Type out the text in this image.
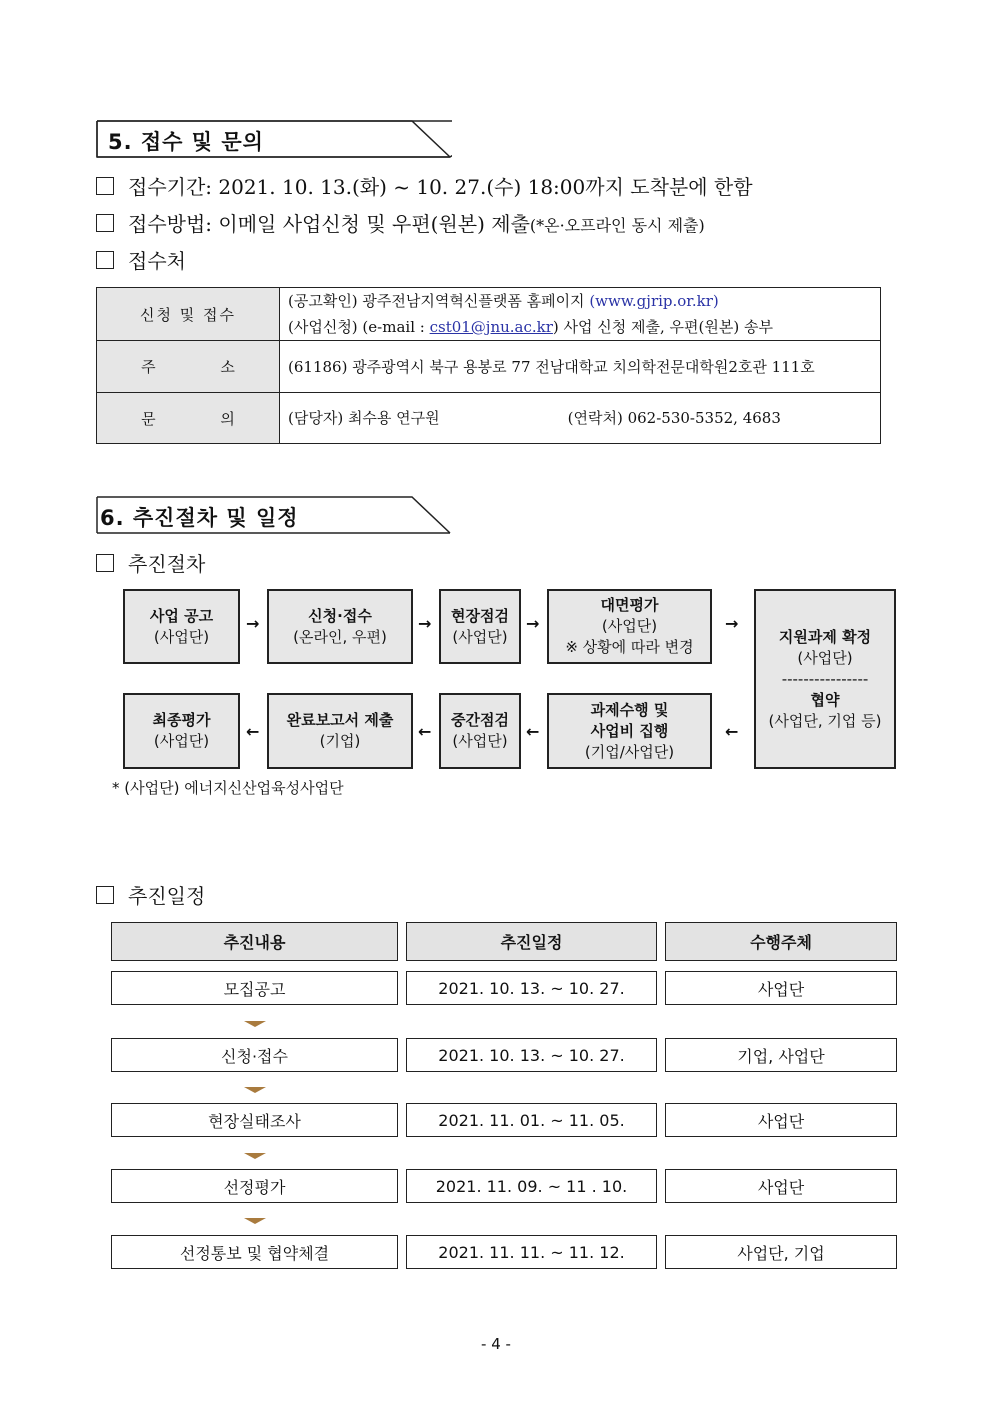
5. 접수 및 문의
접수기간: 2021. 10. 13.(화) ~ 10. 27.(수) 18:00까지 도착분에 한함
접수방법: 이메일 사업신청 및 우편(원본) 제출(*온·오프라인 동시 제출)
접수처
신청 및 접수	(공고확인) 광주전남지역혁신플랫폼 홈페이지 (www.gjrip.or.kr)
(사업신청) (e-mail : cst01@jnu.ac.kr) 사업 신청 제출, 우편(원본) 송부

주 소	(61186) 광주광역시 북구 용봉로 77 전남대학교 치의학전문대학원2호관 111호
문 의	(담당자) 최수용 연구원 (연락처) 062-530-5352, 4683
6. 추진절차 및 일정
추진절차
사업 공고
(사업단)
→	신청·접수
(온라인, 우편)
→ 현장점검
(사업단)
→
대면평가
(사업단)
※ 상황에 따라 변경
→
지원과제 확정
(사업단)
----------------
협약
(사업단, 기업 등)
←
과제수행 및
사업비 집행
(기업/사업단)
←
중간점검
(사업단)
←
완료보고서 제출
(기업)
←
최종평가
(사업단)
* (사업단) 에너지신산업육성사업단
추진일정
추진내용	추진일정	수행주체
모집공고	2021. 10. 13. ~ 10. 27.	사업단
신청·접수	2021. 10. 13. ~ 10. 27.	기업, 사업단
현장실태조사	2021. 11. 01. ~ 11. 05.	사업단
선정평가	2021. 11. 09. ~ 11 . 10.	사업단
선정통보 및 협약체결	2021. 11. 11. ~ 11. 12.	사업단, 기업
- 4 -
